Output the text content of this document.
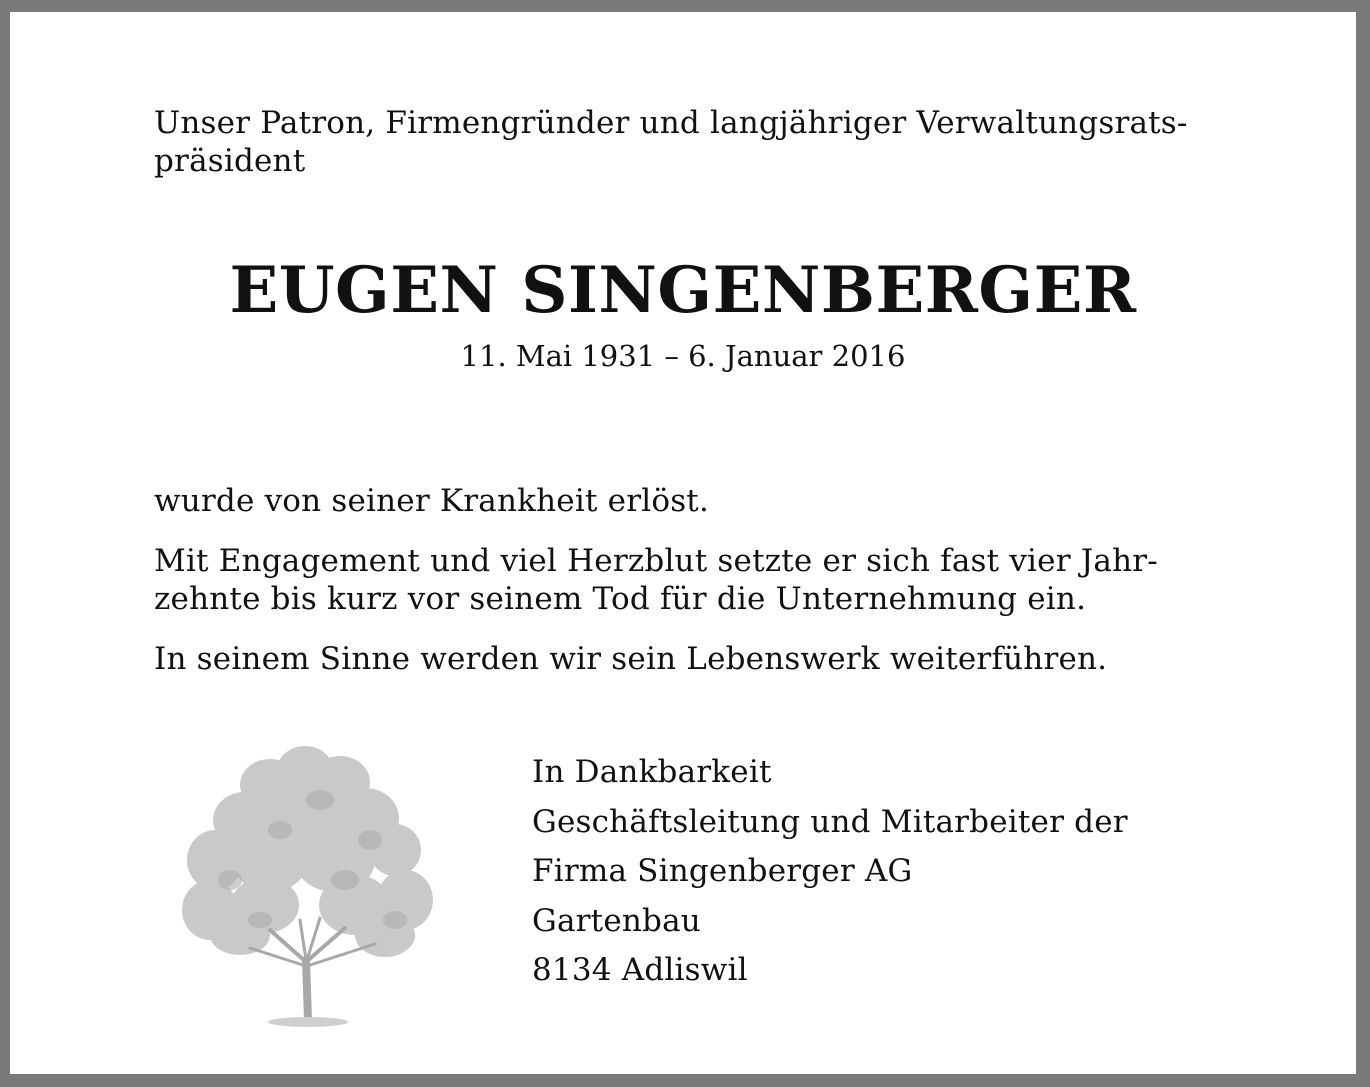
Unser Patron, Firmengründer und langjähriger Verwaltungsrats-
präsident
EUGEN SINGENBERGER
11. Mai 1931 – 6. Januar 2016

wurde von seiner Krankheit erlöst.

Mit Engagement und viel Herzblut setzte er sich fast vier Jahr-
zehnte bis kurz vor seinem Tod für die Unternehmung ein.

In seinem Sinne werden wir sein Lebenswerk weiterführen.

In Dankbarkeit
Geschäftsleitung und Mitarbeiter der
Firma Singenberger AG
Gartenbau
8134 Adliswil
